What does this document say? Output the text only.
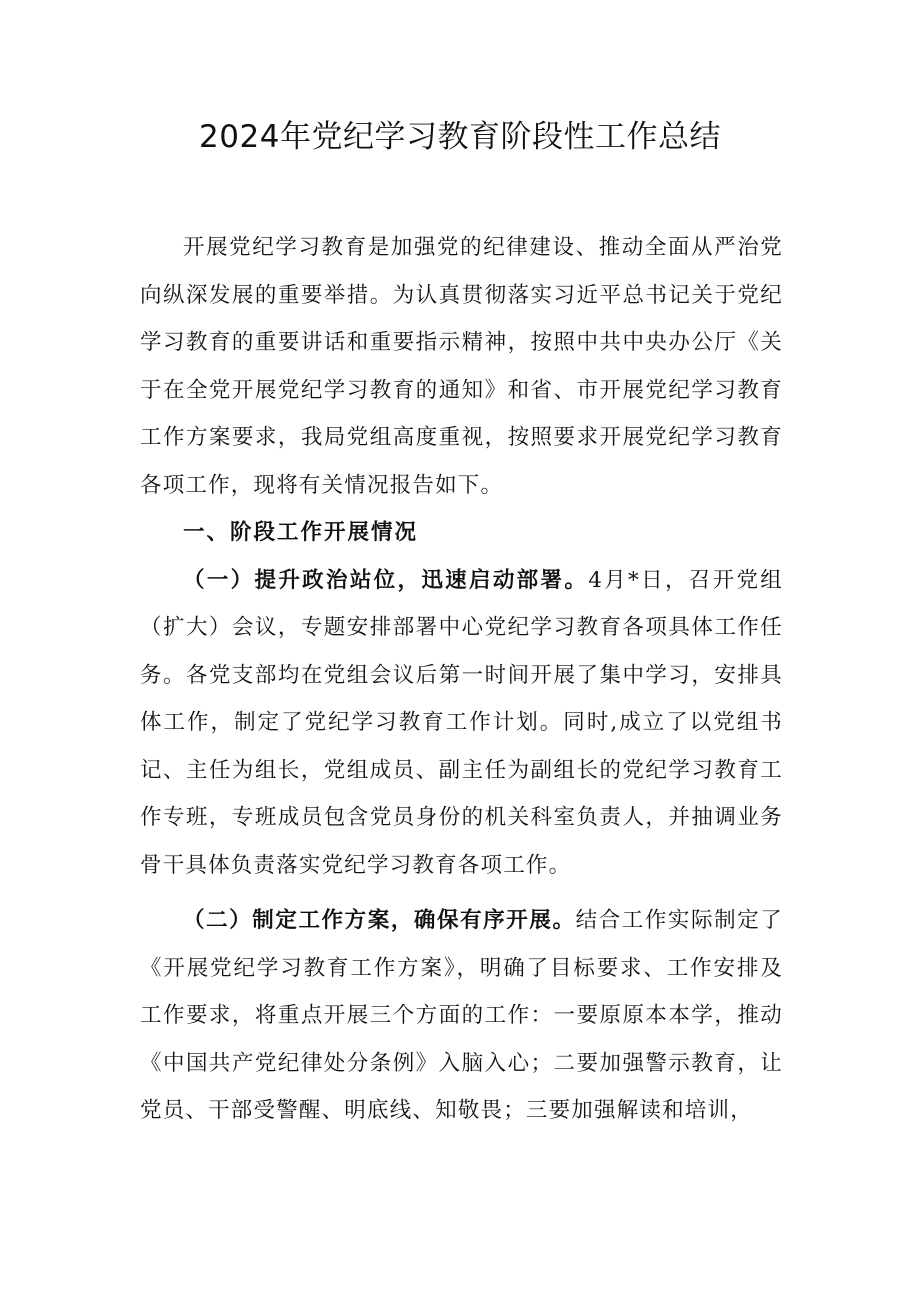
2024年党纪学习教育阶段性工作总结

开展党纪学习教育是加强党的纪律建设、推动全面从严治党向纵深发展的重要举措。为认真贯彻落实习近平总书记关于党纪学习教育的重要讲话和重要指示精神，按照中共中央办公厅《关于在全党开展党纪学习教育的通知》和省、市开展党纪学习教育工作方案要求，我局党组高度重视，按照要求开展党纪学习教育各项工作，现将有关情况报告如下。

一、阶段工作开展情况

（一）提升政治站位，迅速启动部署。4月*日，召开党组（扩大）会议，专题安排部署中心党纪学习教育各项具体工作任务。各党支部均在党组会议后第一时间开展了集中学习，安排具体工作，制定了党纪学习教育工作计划。同时,成立了以党组书记、主任为组长，党组成员、副主任为副组长的党纪学习教育工作专班，专班成员包含党员身份的机关科室负责人，并抽调业务骨干具体负责落实党纪学习教育各项工作。

（二）制定工作方案，确保有序开展。结合工作实际制定了《开展党纪学习教育工作方案》，明确了目标要求、工作安排及工作要求，将重点开展三个方面的工作：一要原原本本学，推动《中国共产党纪律处分条例》入脑入心；二要加强警示教育，让党员、干部受警醒、明底线、知敬畏；三要加强解读和培训，
